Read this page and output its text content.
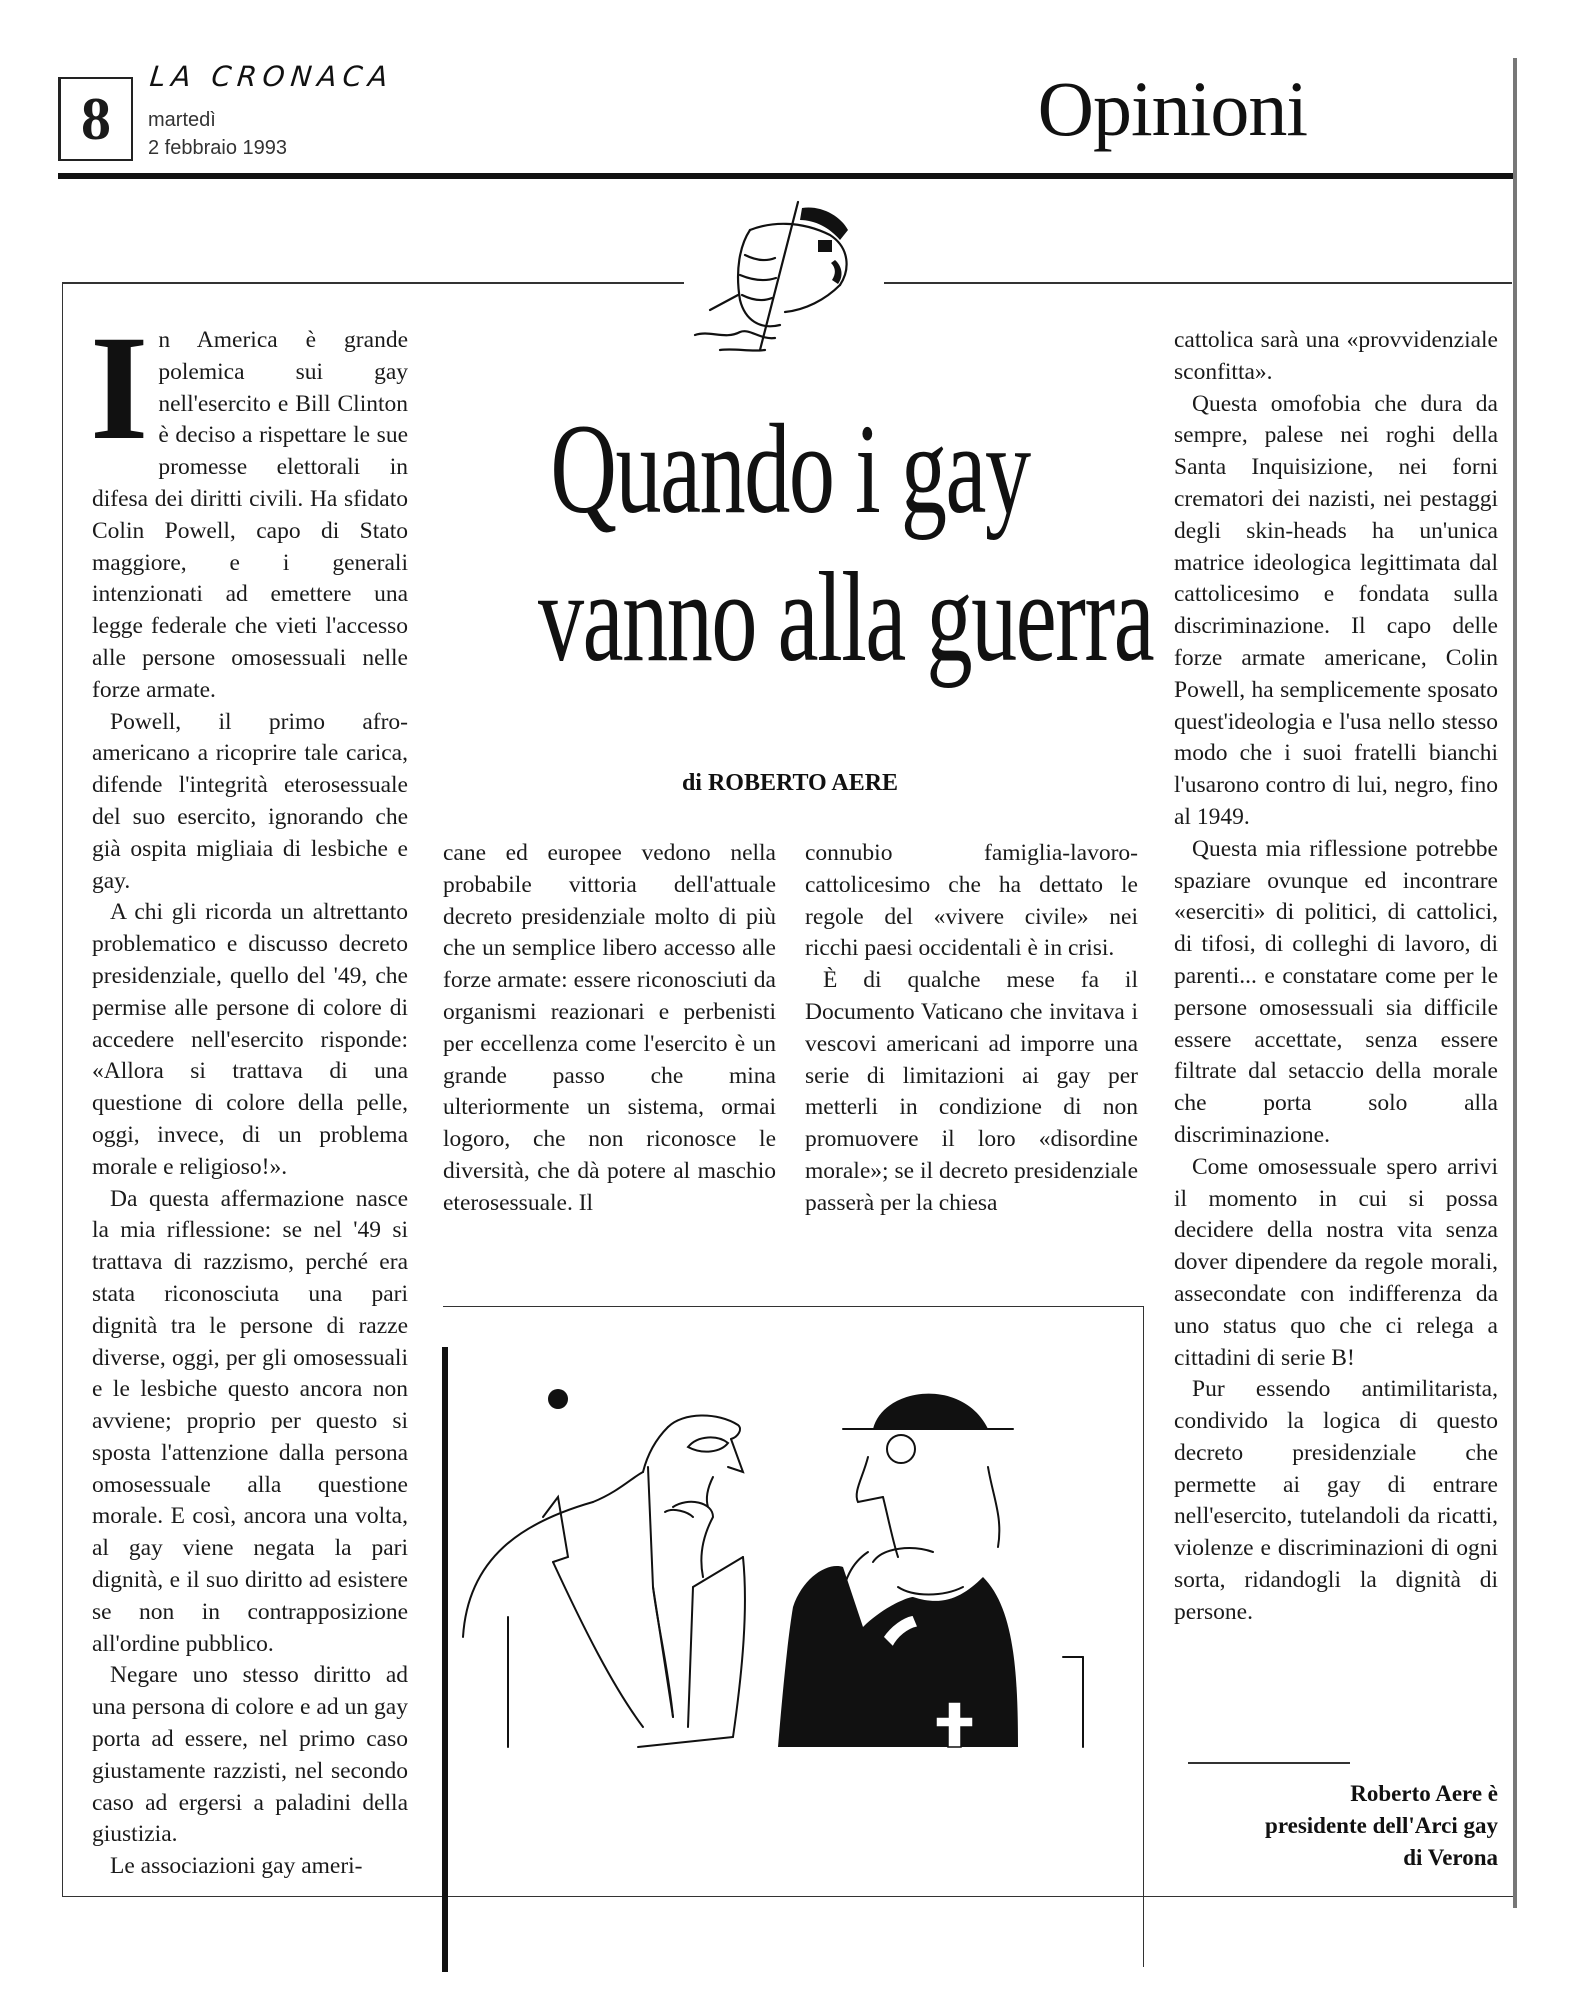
8
LA CRONACA
martedì
2 febbraio 1993	Opinioni
Quando i gay
vanno alla guerra
di ROBERTO AERE

In America è grande polemica sui gay nell'esercito e Bill Clinton è deciso a rispettare le sue promesse elettorali in difesa dei diritti civili. Ha sfidato Colin Powell, capo di Stato maggiore, e i generali intenzionati ad emettere una legge federale che vieti l'accesso alle persone omosessuali nelle forze armate.

Powell, il primo afro-americano a ricoprire tale carica, difende l'integrità eterosessuale del suo esercito, ignorando che già ospita migliaia di lesbiche e gay.

A chi gli ricorda un altrettanto problematico e discusso decreto presidenziale, quello del '49, che permise alle persone di colore di accedere nell'esercito risponde: «Allora si trattava di una questione di colore della pelle, oggi, invece, di un problema morale e religioso!».

Da questa affermazione nasce la mia riflessione: se nel '49 si trattava di razzismo, perché era stata riconosciuta una pari dignità tra le persone di razze diverse, oggi, per gli omosessuali e le lesbiche questo ancora non avviene; proprio per questo si sposta l'attenzione dalla persona omosessuale alla questione morale. E così, ancora una volta, al gay viene negata la pari dignità, e il suo diritto ad esistere se non in contrapposizione all'ordine pubblico.

Negare uno stesso diritto ad una persona di colore e ad un gay porta ad essere, nel primo caso giustamente razzisti, nel secondo caso ad ergersi a paladini della giustizia.

Le associazioni gay ameri-

cane ed europee vedono nella probabile vittoria dell'attuale decreto presidenziale molto di più che un semplice libero accesso alle forze armate: essere riconosciuti da organismi reazionari e perbenisti per eccellenza come l'esercito è un grande passo che mina ulteriormente un sistema, ormai logoro, che non riconosce le diversità, che dà potere al maschio eterosessuale. Il

connubio famiglia-lavoro-cattolicesimo che ha dettato le regole del «vivere civile» nei ricchi paesi occidentali è in crisi.

È di qualche mese fa il Documento Vaticano che invitava i vescovi americani ad imporre una serie di limitazioni ai gay per metterli in condizione di non promuovere il loro «disordine morale»; se il decreto presidenziale passerà per la chiesa

cattolica sarà una «provvidenziale sconfitta».

Questa omofobia che dura da sempre, palese nei roghi della Santa Inquisizione, nei forni crematori dei nazisti, nei pestaggi degli skin-heads ha un'unica matrice ideologica legittimata dal cattolicesimo e fondata sulla discriminazione. Il capo delle forze armate americane, Colin Powell, ha semplicemente sposato quest'ideologia e l'usa nello stesso modo che i suoi fratelli bianchi l'usarono contro di lui, negro, fino al 1949.

Questa mia riflessione potrebbe spaziare ovunque ed incontrare «eserciti» di politici, di cattolici, di tifosi, di colleghi di lavoro, di parenti... e constatare come per le persone omosessuali sia difficile essere accettate, senza essere filtrate dal setaccio della morale che porta solo alla discriminazione.

Come omosessuale spero arrivi il momento in cui si possa decidere della nostra vita senza dover dipendere da regole morali, assecondate con indifferenza da uno status quo che ci relega a cittadini di serie B!

Pur essendo antimilitarista, condivido la logica di questo decreto presidenziale che permette ai gay di entrare nell'esercito, tutelandoli da ricatti, violenze e discriminazioni di ogni sorta, ridandogli la dignità di persone.

Roberto Aere è
presidente dell'Arci gay
di Verona
